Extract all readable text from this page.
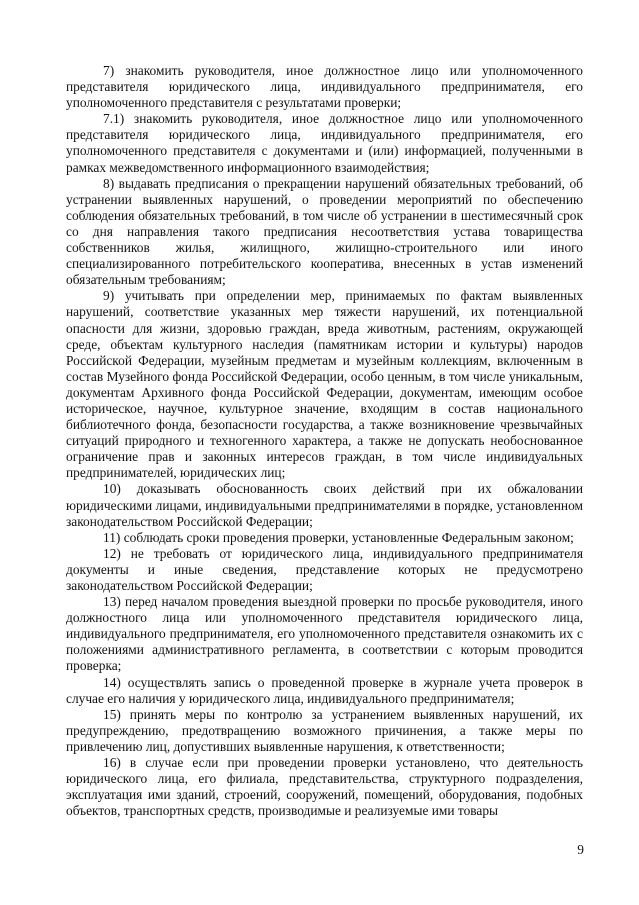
7) знакомить руководителя, иное должностное лицо или уполномоченного представителя юридического лица, индивидуального предпринимателя, его уполномоченного представителя с результатами проверки;

7.1) знакомить руководителя, иное должностное лицо или уполномоченного представителя юридического лица, индивидуального предпринимателя, его уполномоченного представителя с документами и (или) информацией, полученными в рамках межведомственного информационного взаимодействия;

8) выдавать предписания о прекращении нарушений обязательных требований, об устранении выявленных нарушений, о проведении мероприятий по обеспечению соблюдения обязательных требований, в том числе об устранении в шестимесячный срок со дня направления такого предписания несоответствия устава товарищества собственников жилья, жилищного, жилищно-строительного или иного специализированного потребительского кооператива, внесенных в устав изменений обязательным требованиям;

9) учитывать при определении мер, принимаемых по фактам выявленных нарушений, соответствие указанных мер тяжести нарушений, их потенциальной опасности для жизни, здоровью граждан, вреда животным, растениям, окружающей среде, объектам культурного наследия (памятникам истории и культуры) народов Российской Федерации, музейным предметам и музейным коллекциям, включенным в состав Музейного фонда Российской Федерации, особо ценным, в том числе уникальным, документам Архивного фонда Российской Федерации, документам, имеющим особое историческое, научное, культурное значение, входящим в состав национального библиотечного фонда, безопасности государства, а также возникновение чрезвычайных ситуаций природного и техногенного характера, а также не допускать необоснованное ограничение прав и законных интересов граждан, в том числе индивидуальных предпринимателей, юридических лиц;

10) доказывать обоснованность своих действий при их обжаловании юридическими лицами, индивидуальными предпринимателями в порядке, установленном законодательством Российской Федерации;

11) соблюдать сроки проведения проверки, установленные Федеральным законом;

12) не требовать от юридического лица, индивидуального предпринимателя документы и иные сведения, представление которых не предусмотрено законодательством Российской Федерации;

13) перед началом проведения выездной проверки по просьбе руководителя, иного должностного лица или уполномоченного представителя юридического лица, индивидуального предпринимателя, его уполномоченного представителя ознакомить их с положениями административного регламента, в соответствии с которым проводится проверка;

14) осуществлять запись о проведенной проверке в журнале учета проверок в случае его наличия у юридического лица, индивидуального предпринимателя;

15) принять меры по контролю за устранением выявленных нарушений, их предупреждению, предотвращению возможного причинения, а также меры по привлечению лиц, допустивших выявленные нарушения, к ответственности;

16) в случае если при проведении проверки установлено, что деятельность юридического лица, его филиала, представительства, структурного подразделения, эксплуатация ими зданий, строений, сооружений, помещений, оборудования, подобных объектов, транспортных средств, производимые и реализуемые ими товары

9
